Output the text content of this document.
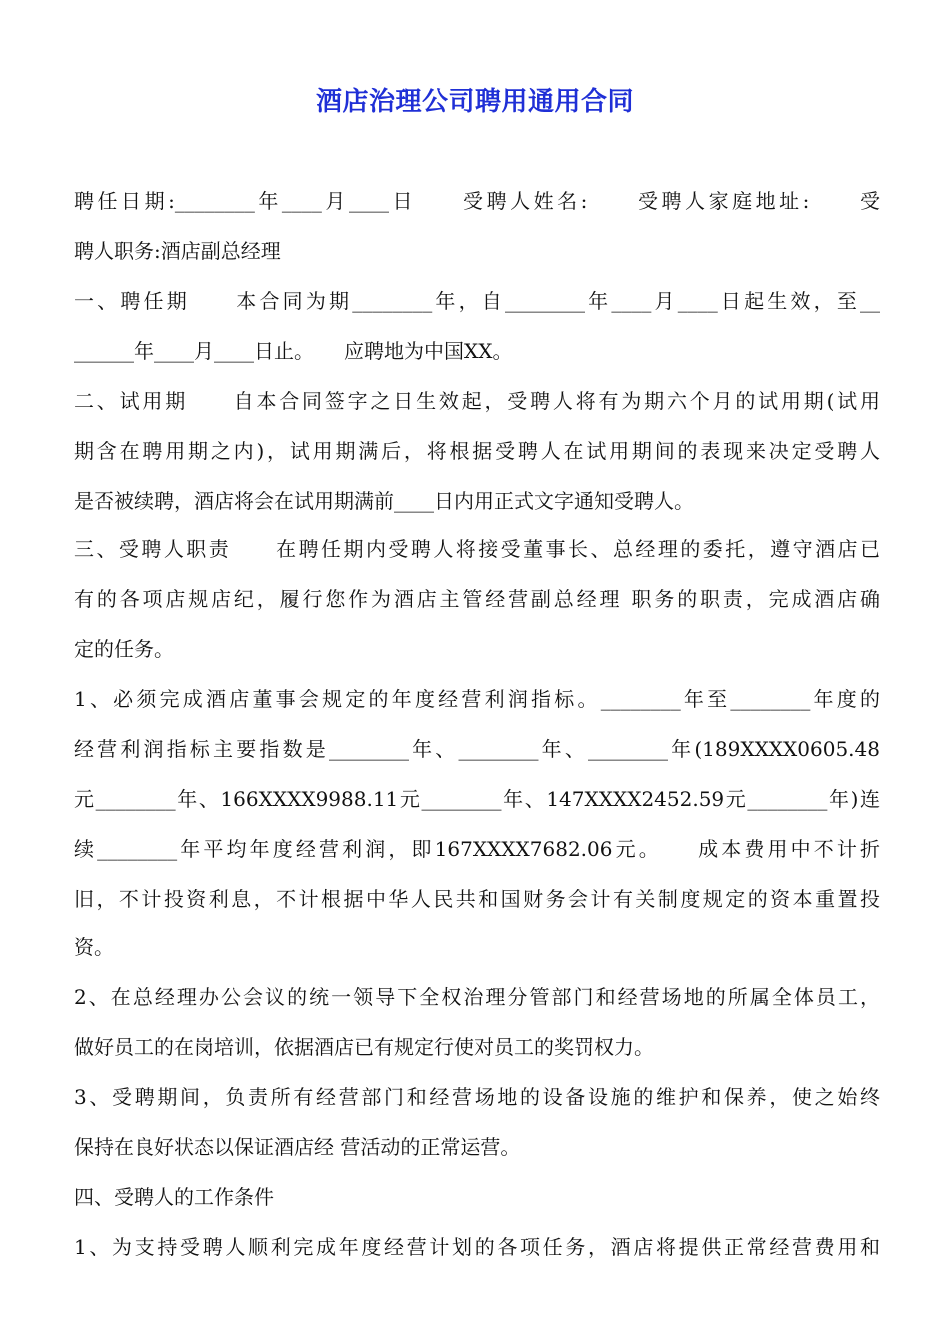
酒店治理公司聘用通用合同
聘任日期:________年____月____日　　受聘人姓名:　　受聘人家庭地址:　　受
聘人职务:酒店副总经理
一、聘任期　　本合同为期________年，自________年____月____日起生效，至__
______年____月____日止。　　应聘地为中国XX。
二、试用期　　自本合同签字之日生效起，受聘人将有为期六个月的试用期(试用
期含在聘用期之内)，试用期满后，将根据受聘人在试用期间的表现来决定受聘人
是否被续聘，酒店将会在试用期满前____日内用正式文字通知受聘人。
三、受聘人职责　　在聘任期内受聘人将接受董事长、总经理的委托，遵守酒店已
有的各项店规店纪，履行您作为酒店主管经营副总经理 职务的职责，完成酒店确
定的任务。
1、必须完成酒店董事会规定的年度经营利润指标。________年至________年度的
经营利润指标主要指数是________年、________年、________年(189XXXX0605.48
元________年、166XXXX9988.11元________年、147XXXX2452.59元________年)连
续________年平均年度经营利润，即167XXXX7682.06元。　　成本费用中不计折
旧，不计投资利息，不计根据中华人民共和国财务会计有关制度规定的资本重置投
资。
2、在总经理办公会议的统一领导下全权治理分管部门和经营场地的所属全体员工，
做好员工的在岗培训，依据酒店已有规定行使对员工的奖罚权力。
3、受聘期间，负责所有经营部门和经营场地的设备设施的维护和保养，使之始终
保持在良好状态以保证酒店经 营活动的正常运营。
四、受聘人的工作条件
1、为支持受聘人顺利完成年度经营计划的各项任务，酒店将提供正常经营费用和
